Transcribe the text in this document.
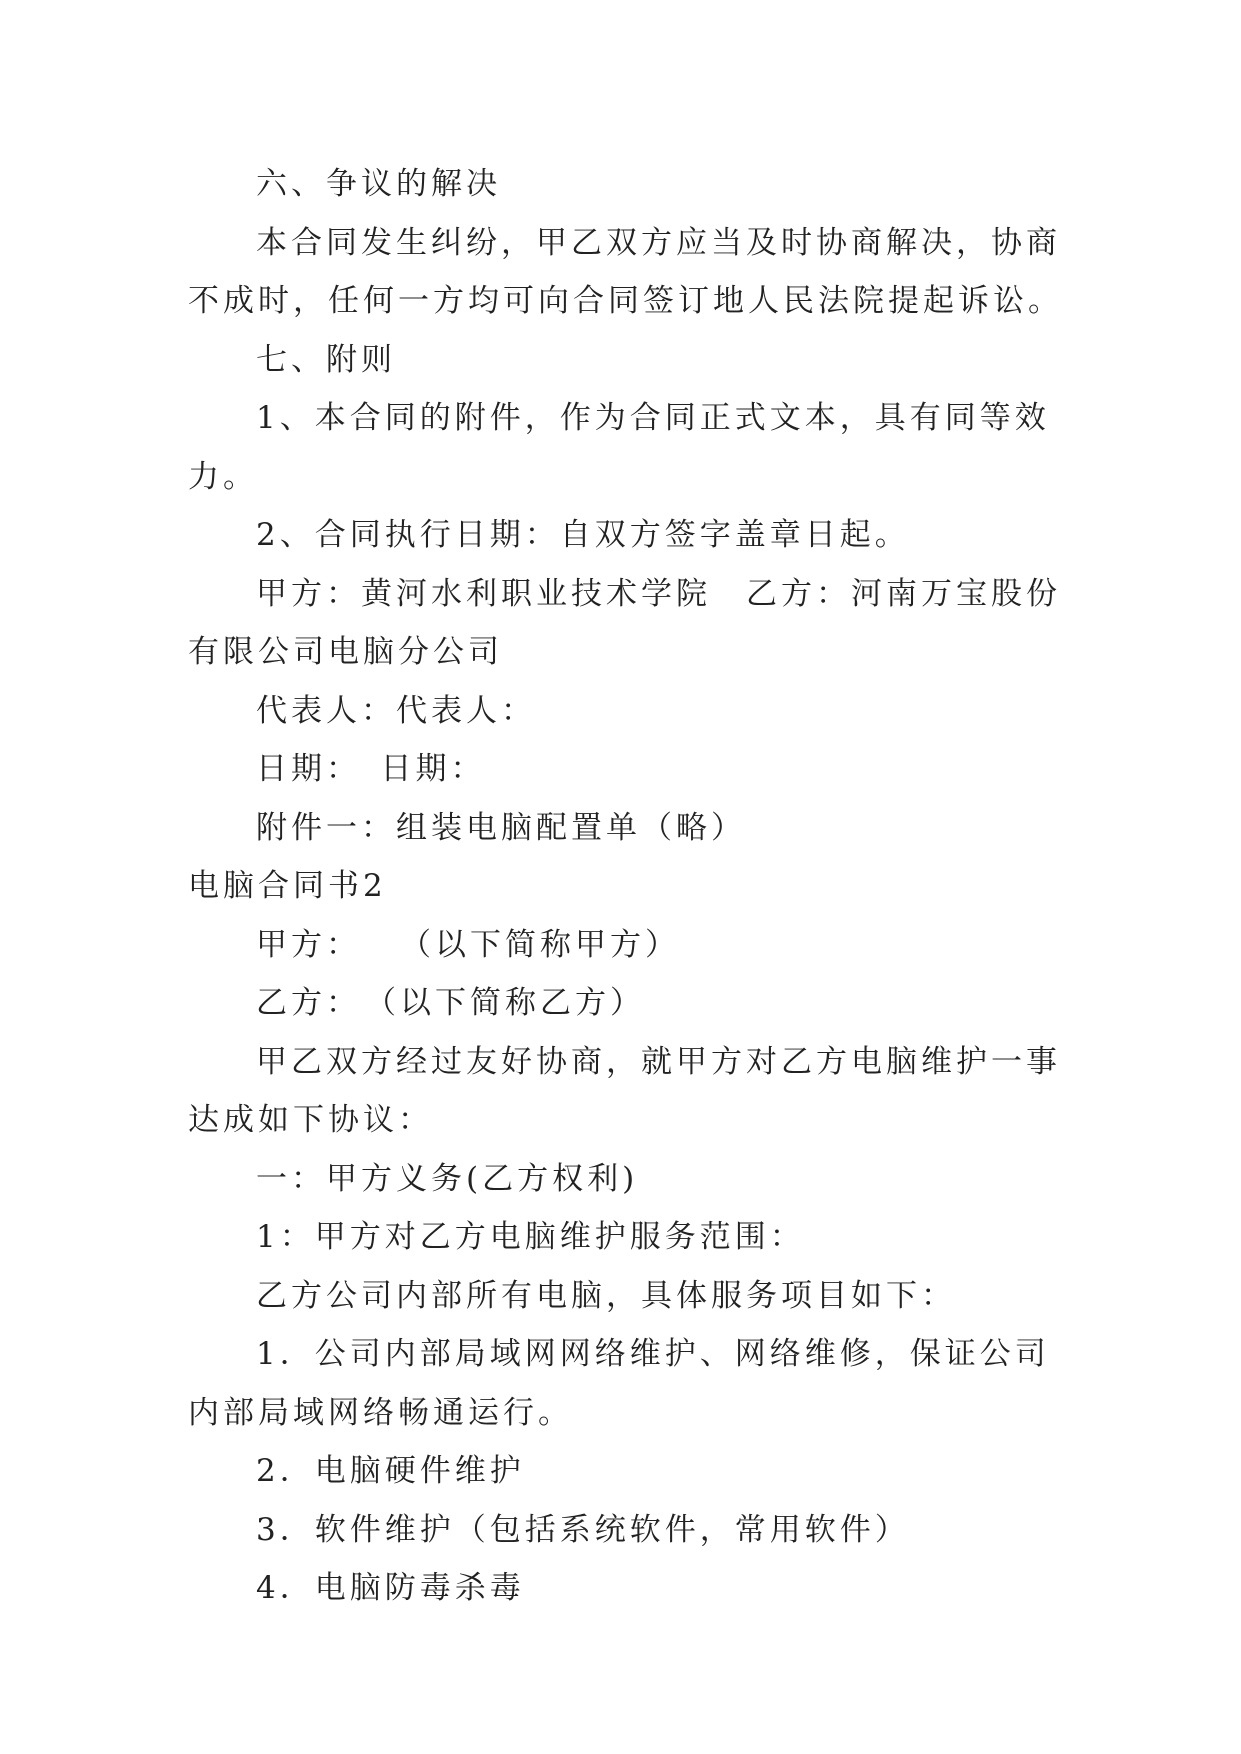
六、争议的解决

本合同发生纠纷，甲乙双方应当及时协商解决，协商不成时，任何一方均可向合同签订地人民法院提起诉讼。

七、附则

1、本合同的附件，作为合同正式文本，具有同等效力。

2、合同执行日期：自双方签字盖章日起。

甲方：黄河水利职业技术学院　乙方：河南万宝股份有限公司电脑分公司

代表人：代表人：

日期：　日期：

附件一：组装电脑配置单（略）

电脑合同书2

甲方：　　（以下简称甲方）

乙方：　（以下简称乙方）

甲乙双方经过友好协商，就甲方对乙方电脑维护一事达成如下协议：

一：甲方义务(乙方权利)

1：甲方对乙方电脑维护服务范围：

乙方公司内部所有电脑，具体服务项目如下：

1．公司内部局域网网络维护、网络维修，保证公司内部局域网络畅通运行。

2．电脑硬件维护

3．软件维护（包括系统软件，常用软件）

4．电脑防毒杀毒
